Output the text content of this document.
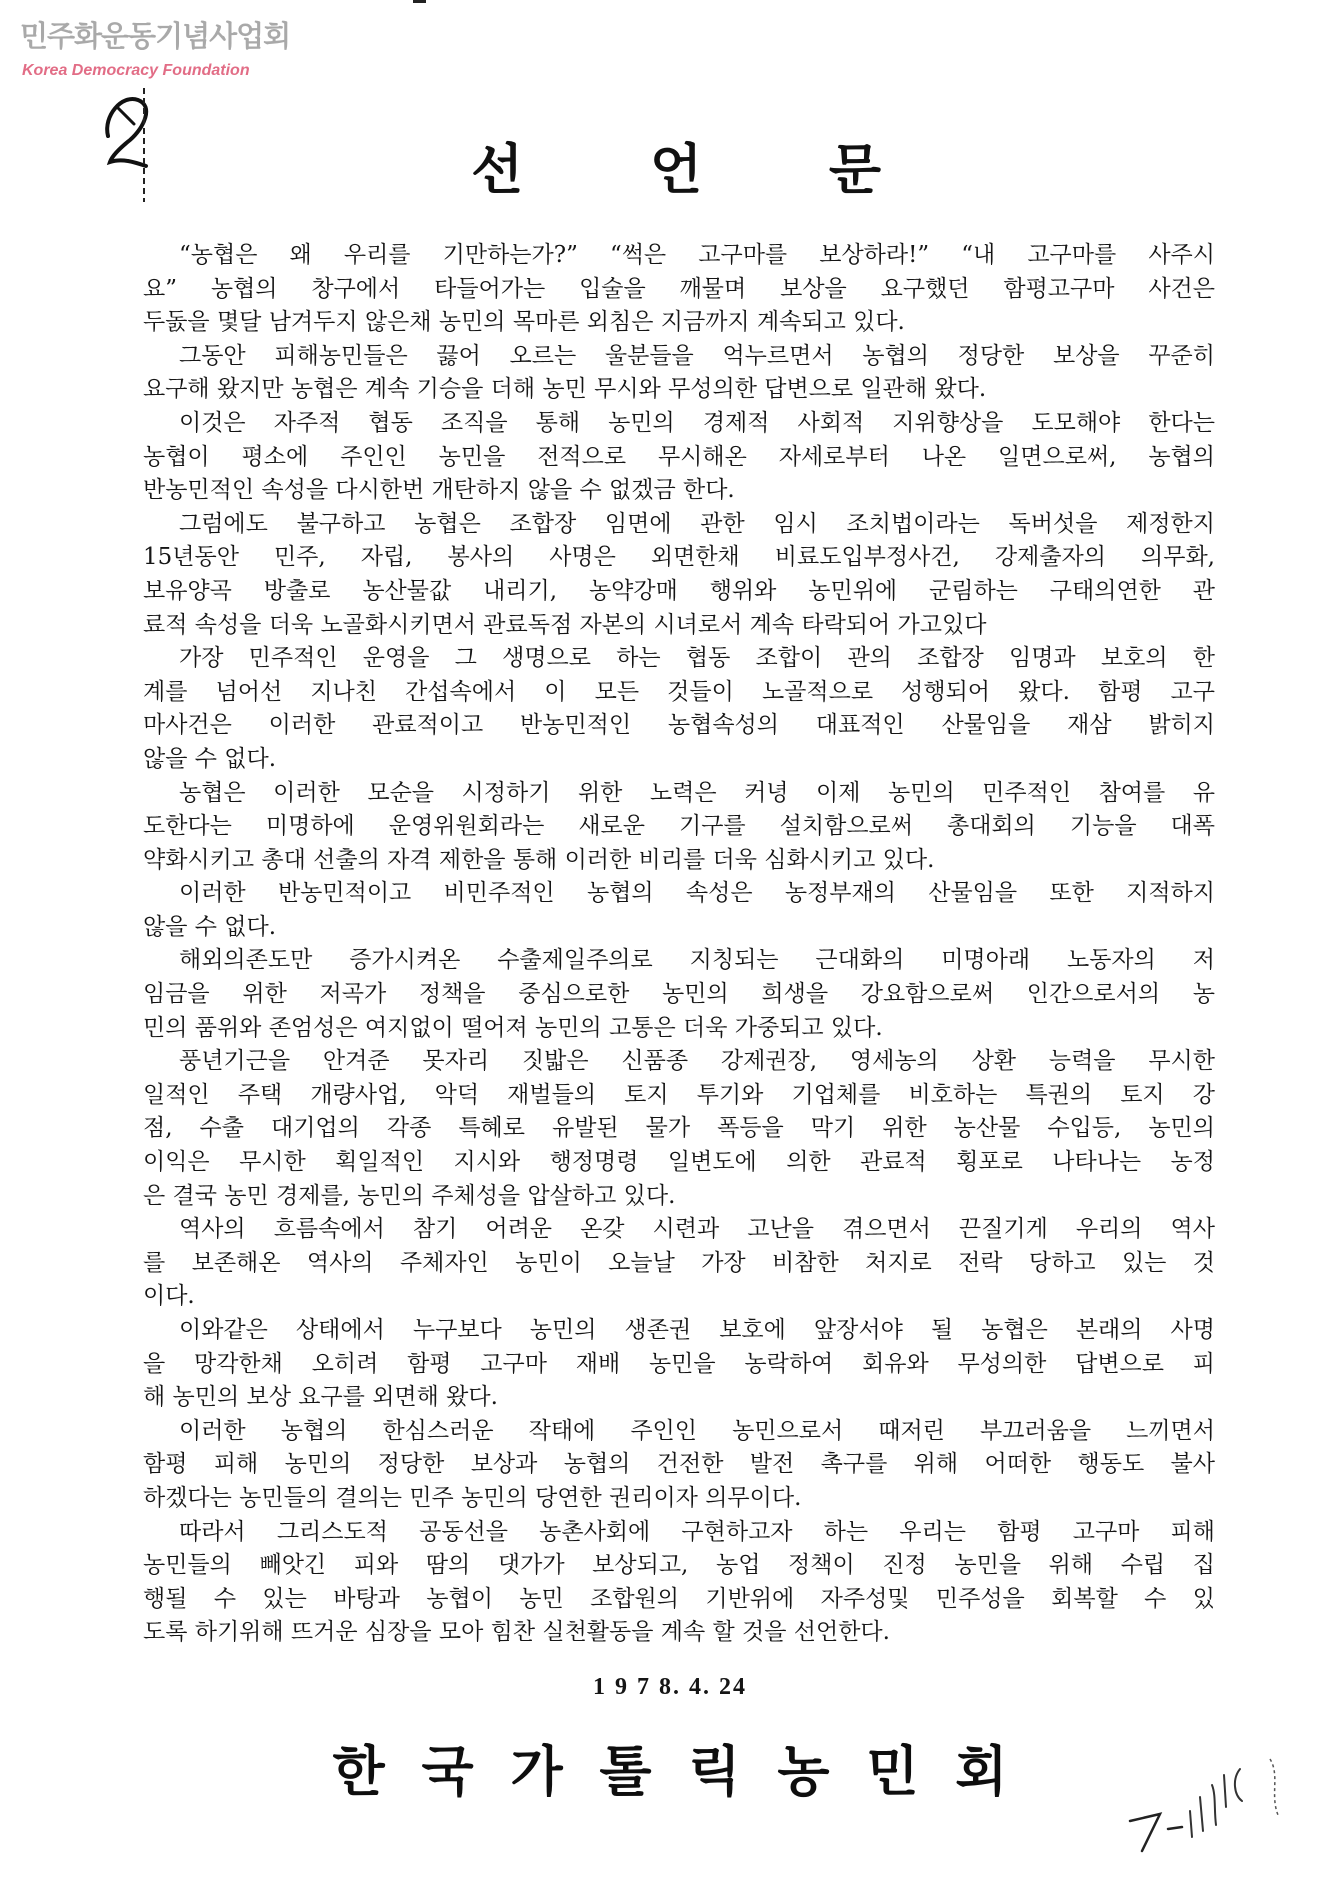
민주화운동기념사업회
Korea Democracy Foundation
선 언 문
“농협은 왜 우리를 기만하는가?” “썩은 고구마를 보상하라!” “내 고구마를 사주시
요” 농협의 창구에서 타들어가는 입술을 깨물며 보상을 요구했던 함평고구마 사건은
두돐을 몇달 남겨두지 않은채 농민의 목마른 외침은 지금까지 계속되고 있다.
그동안 피해농민들은 끓어 오르는 울분들을 억누르면서 농협의 정당한 보상을 꾸준히
요구해 왔지만 농협은 계속 기승을 더해 농민 무시와 무성의한 답변으로 일관해 왔다.
이것은 자주적 협동 조직을 통해 농민의 경제적 사회적 지위향상을 도모해야 한다는
농협이 평소에 주인인 농민을 전적으로 무시해온 자세로부터 나온 일면으로써, 농협의
반농민적인 속성을 다시한번 개탄하지 않을 수 없겠금 한다.
그럼에도 불구하고 농협은 조합장 임면에 관한 임시 조치법이라는 독버섯을 제정한지
15년동안 민주, 자립, 봉사의 사명은 외면한채 비료도입부정사건, 강제출자의 의무화,
보유양곡 방출로 농산물값 내리기, 농약강매 행위와 농민위에 군림하는 구태의연한 관
료적 속성을 더욱 노골화시키면서 관료독점 자본의 시녀로서 계속 타락되어 가고있다
가장 민주적인 운영을 그 생명으로 하는 협동 조합이 관의 조합장 임명과 보호의 한
계를 넘어선 지나친 간섭속에서 이 모든 것들이 노골적으로 성행되어 왔다. 함평 고구
마사건은 이러한 관료적이고 반농민적인 농협속성의 대표적인 산물임을 재삼 밝히지
않을 수 없다.
농협은 이러한 모순을 시정하기 위한 노력은 커녕 이제 농민의 민주적인 참여를 유
도한다는 미명하에 운영위원회라는 새로운 기구를 설치함으로써 총대회의 기능을 대폭
약화시키고 총대 선출의 자격 제한을 통해 이러한 비리를 더욱 심화시키고 있다.
이러한 반농민적이고 비민주적인 농협의 속성은 농정부재의 산물임을 또한 지적하지
않을 수 없다.
해외의존도만 증가시켜온 수출제일주의로 지칭되는 근대화의 미명아래 노동자의 저
임금을 위한 저곡가 정책을 중심으로한 농민의 희생을 강요함으로써 인간으로서의 농
민의 품위와 존엄성은 여지없이 떨어져 농민의 고통은 더욱 가중되고 있다.
풍년기근을 안겨준 못자리 짓밟은 신품종 강제권장, 영세농의 상환 능력을 무시한
일적인 주택 개량사업, 악덕 재벌들의 토지 투기와 기업체를 비호하는 특권의 토지 강
점, 수출 대기업의 각종 특혜로 유발된 물가 폭등을 막기 위한 농산물 수입등, 농민의
이익은 무시한 획일적인 지시와 행정명령 일변도에 의한 관료적 횡포로 나타나는 농정
은 결국 농민 경제를, 농민의 주체성을 압살하고 있다.
역사의 흐름속에서 참기 어려운 온갖 시련과 고난을 겪으면서 끈질기게 우리의 역사
를 보존해온 역사의 주체자인 농민이 오늘날 가장 비참한 처지로 전락 당하고 있는 것
이다.
이와같은 상태에서 누구보다 농민의 생존권 보호에 앞장서야 될 농협은 본래의 사명
을 망각한채 오히려 함평 고구마 재배 농민을 농락하여 회유와 무성의한 답변으로 피
해 농민의 보상 요구를 외면해 왔다.
이러한 농협의 한심스러운 작태에 주인인 농민으로서 때저린 부끄러움을 느끼면서
함평 피해 농민의 정당한 보상과 농협의 건전한 발전 촉구를 위해 어떠한 행동도 불사
하겠다는 농민들의 결의는 민주 농민의 당연한 권리이자 의무이다.
따라서 그리스도적 공동선을 농촌사회에 구현하고자 하는 우리는 함평 고구마 피해
농민들의 빼앗긴 피와 땀의 댓가가 보상되고, 농업 정책이 진정 농민을 위해 수립 집
행될 수 있는 바탕과 농협이 농민 조합원의 기반위에 자주성및 민주성을 회복할 수 있
도록 하기위해 뜨거운 심장을 모아 힘찬 실천활동을 계속 할 것을 선언한다.
1 9 7 8. 4. 24
한 국 가 톨 릭 농 민 회
